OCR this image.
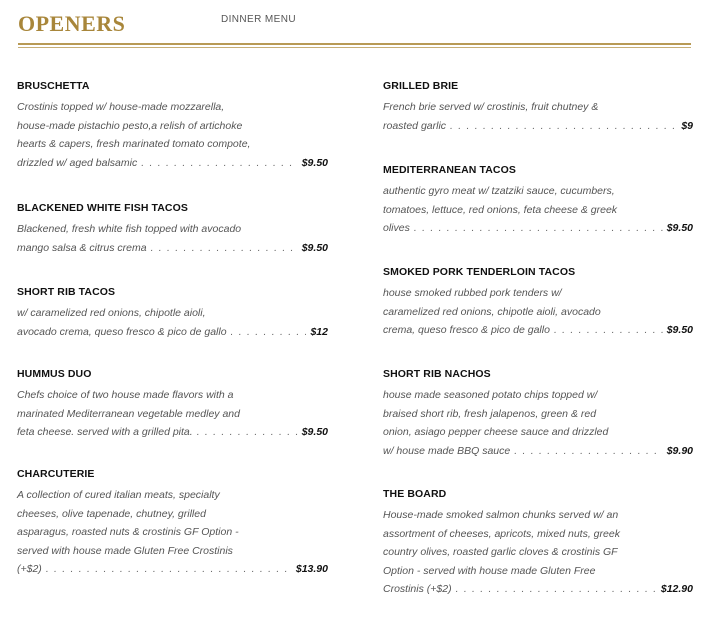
OPENERS	DINNER MENU
BRUSCHETTA
Crostinis topped w/ house-made mozzarella,
house-made pistachio pesto,a relish of artichoke
hearts & capers, fresh marinated tomato compote,
drizzled w/ aged balsamic . . .	$9.50
BLACKENED WHITE FISH TACOS
Blackened, fresh white fish topped with avocado
mango salsa & citrus crema . . .	$9.50
SHORT RIB TACOS
w/ caramelized red onions, chipotle aioli,
avocado crema, queso fresco & pico de gallo . . .	$12
HUMMUS DUO
Chefs choice of two house made flavors with a
marinated Mediterranean vegetable medley and
feta cheese. served with a grilled pita. . . .	$9.50
CHARCUTERIE
A collection of cured italian meats, specialty
cheeses, olive tapenade, chutney, grilled
asparagus, roasted nuts & crostinis GF Option -
served with house made Gluten Free Crostinis
(+$2) . . .	$13.90
GRILLED BRIE
French brie served w/ crostinis, fruit chutney &
roasted garlic . . .	$9
MEDITERRANEAN TACOS
authentic gyro meat w/ tzatziki sauce, cucumbers,
tomatoes, lettuce, red onions, feta cheese & greek
olives . . .	$9.50
SMOKED PORK TENDERLOIN TACOS
house smoked rubbed pork tenders w/
caramelized red onions, chipotle aioli, avocado
crema, queso fresco & pico de gallo . . .	$9.50
SHORT RIB NACHOS
house made seasoned potato chips topped w/
braised short rib, fresh jalapenos, green & red
onion, asiago pepper cheese sauce and drizzled
w/ house made BBQ sauce . . .	$9.90
THE BOARD
House-made smoked salmon chunks served w/ an
assortment of cheeses, apricots, mixed nuts, greek
country olives, roasted garlic cloves & crostinis GF
Option - served with house made Gluten Free
Crostinis (+$2) . . .	$12.90
